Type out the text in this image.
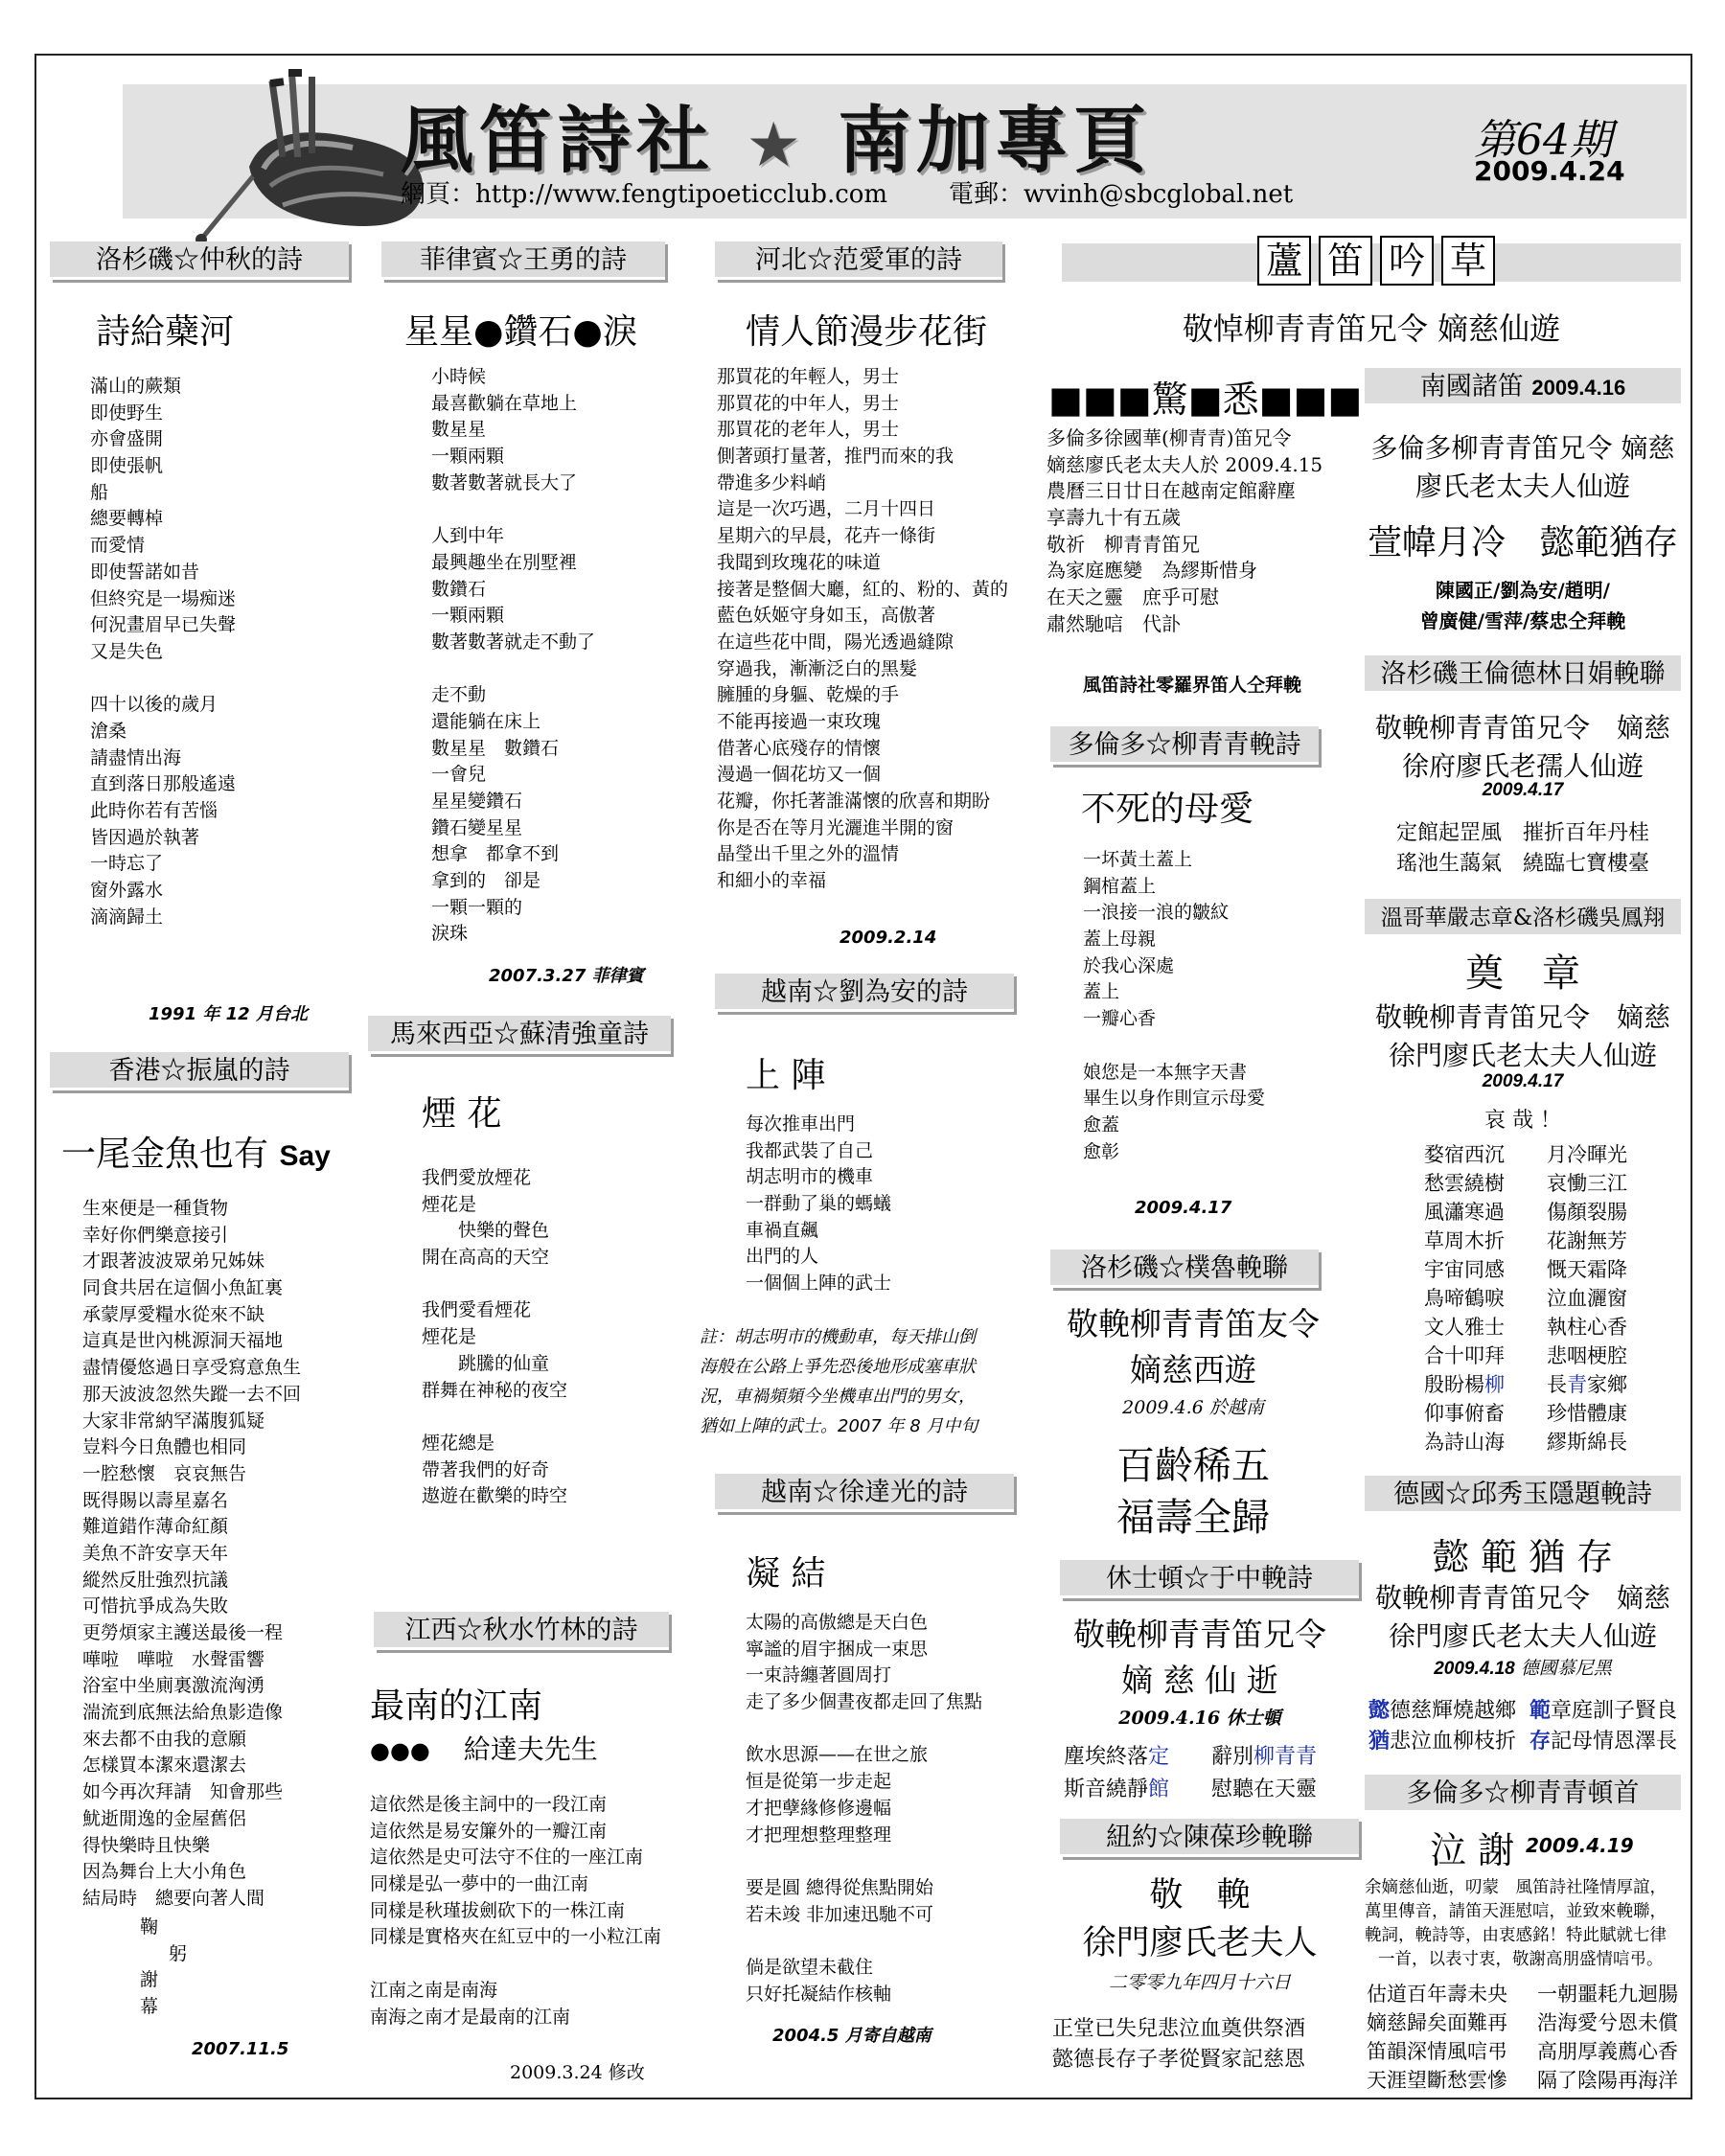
風笛詩社 ★ 南加專頁
網頁：http://www.fengtipoeticclub.com 電郵：wvinh@sbcglobal.net
第64期
2009.4.24
洛杉磯☆仲秋的詩
詩給蘗河
滿山的蕨類
即使野生
亦會盛開
即使張帆
船
總要轉棹
而愛情
即使誓諾如昔
但終究是一場痴迷
何況畫眉早已失聲
又是失色
四十以後的歲月
滄桑
請盡情出海
直到落日那般遙遠
此時你若有苦惱
皆因過於執著
一時忘了
窗外露水
滴滴歸土
1991 年 12 月台北
香港☆振嵐的詩
一尾金魚也有 Say
生來便是一種貨物
幸好你們樂意接引
才跟著波波眾弟兄姊妹
同食共居在這個小魚缸裏
承蒙厚愛糧水從來不缺
這真是世內桃源洞天福地
盡情優悠過日享受寫意魚生
那天波波忽然失蹤一去不回
大家非常納罕滿腹狐疑
豈料今日魚體也相同
一腔愁懷　哀哀無告
既得賜以壽星嘉名
難道錯作薄命紅顏
美魚不許安享天年
縱然反肚強烈抗議
可惜抗爭成為失敗
更勞煩家主護送最後一程
嘩啦　嘩啦　水聲雷響
浴室中坐廁裏激流洶湧
湍流到底無法給魚影造像
來去都不由我的意願
怎樣買本潔來還潔去
如今再次拜請　知會那些
魷逝閒逸的金屋舊侶
得快樂時且快樂
因為舞台上大小角色
結局時　總要向著人間
鞠
躬
謝
幕
2007.11.5
菲律賓☆王勇的詩
星星●鑽石●淚
小時候
最喜歡躺在草地上
數星星
一顆兩顆
數著數著就長大了
人到中年
最興趣坐在別墅裡
數鑽石
一顆兩顆
數著數著就走不動了
走不動
還能躺在床上
數星星　數鑽石
一會兒
星星變鑽石
鑽石變星星
想拿　都拿不到
拿到的　卻是
一顆一顆的
淚珠
2007.3.27 菲律賓
馬來西亞☆蘇清強童詩
煙 花
我們愛放煙花
煙花是
　　快樂的聲色
開在高高的天空
我們愛看煙花
煙花是
　　跳騰的仙童
群舞在神秘的夜空
煙花總是
帶著我們的好奇
遨遊在歡樂的時空
江西☆秋水竹林的詩
最南的江南
●●● 給達夫先生
這依然是後主詞中的一段江南
這依然是易安簾外的一瓣江南
這依然是史可法守不住的一座江南
同樣是弘一夢中的一曲江南
同樣是秋瑾拔劍砍下的一株江南
同樣是實格夾在紅豆中的一小粒江南
江南之南是南海
南海之南才是最南的江南
2009.3.24 修改
河北☆范愛軍的詩
情人節漫步花街
那買花的年輕人，男士
那買花的中年人，男士
那買花的老年人，男士
側著頭打量著，推門而來的我
帶進多少料峭
這是一次巧遇，二月十四日
星期六的早晨，花卉一條街
我聞到玫瑰花的味道
接著是整個大廳，紅的、粉的、黃的
藍色妖姬守身如玉，高傲著
在這些花中間，陽光透過縫隙
穿過我，漸漸泛白的黑髮
臃腫的身軀、乾燥的手
不能再接過一束玫瑰
借著心底殘存的情懷
漫過一個花坊又一個
花瓣，你托著誰滿懷的欣喜和期盼
你是否在等月光灑進半開的窗
晶瑩出千里之外的溫情
和細小的幸福
2009.2.14
越南☆劉為安的詩
上 陣
每次推車出門
我都武裝了自己
胡志明市的機車
一群動了巢的螞蟻
車禍直飆
出門的人
一個個上陣的武士
註：胡志明市的機動車，每天排山倒
海般在公路上爭先恐後地形成塞車狀
況，車禍頻頻今坐機車出門的男女，
猶如上陣的武士。2007 年 8 月中旬
越南☆徐達光的詩
凝 結
太陽的高傲總是天白色
寧謐的眉宇捆成一束思
一束詩纏著圓周打
走了多少個晝夜都走回了焦點
飲水思源——在世之旅
恒是從第一步走起
才把孽緣修修邊幅
才把理想整理整理
要是圓 總得從焦點開始
若未竣 非加速迅馳不可
倘是欲望未截住
只好托凝結作核軸
2004.5 月寄自越南
蘆 笛 吟 草
敬悼柳青青笛兄令 嫡慈仙遊
■■■驚■悉■■■
多倫多徐國華(柳青青)笛兄令
嫡慈廖氏老太夫人於 2009.4.15
農曆三日廿日在越南定館辭塵
享壽九十有五歲
敬祈　柳青青笛兄
為家庭應變　為繆斯惜身
在天之靈　庶乎可慰
肅然馳唁　代訃
風笛詩社零羅界笛人仝拜輓
多倫多☆柳青青輓詩
不死的母愛
一坏黃土蓋上
鋼棺蓋上
一浪接一浪的皺紋
蓋上母親
於我心深處
蓋上
一瓣心香
娘您是一本無字天書
畢生以身作則宣示母愛
愈蓋
愈彰
2009.4.17
洛杉磯☆樸魯輓聯
敬輓柳青青笛友令
嫡慈西遊
2009.4.6 於越南
百齡稀五
福壽全歸
休士頓☆于中輓詩
敬輓柳青青笛兄令
嫡 慈 仙 逝
2009.4.16 休士頓
塵埃終落定 辭別柳青青
斯音繞靜館 慰聽在天靈
紐約☆陳葆珍輓聯
敬　輓
徐門廖氏老夫人
二零零九年四月十六日
正堂已失兒悲泣血奠供祭酒
懿德長存子孝從賢家記慈恩
南國諸笛 2009.4.16
多倫多柳青青笛兄令 嫡慈
廖氏老太夫人仙遊
萱幃月冷　懿範猶存
陳國正/劉為安/趙明/
曾廣健/雪萍/蔡忠仝拜輓
洛杉磯王倫德林日娟輓聯
敬輓柳青青笛兄令　嫡慈
徐府廖氏老孺人仙遊
2009.4.17
定館起罡風　摧折百年丹桂
瑤池生藹氣　繞臨七寶樓臺
溫哥華嚴志章&洛杉磯吳鳳翔
奠　章
敬輓柳青青笛兄令　嫡慈
徐門廖氏老太夫人仙遊
2009.4.17
哀 哉 ！
婺宿西沉 月冷暉光
愁雲繞樹 哀慟三江
風瀟寒過 傷顏裂腸
草周木折 花謝無芳
宇宙同感 慨天霜降
鳥啼鶴唳 泣血灑窗
文人雅士 執柱心香
合十叩拜 悲咽梗腔
殷盼楊柳 長青家鄉
仰事俯畜 珍惜體康
為詩山海 繆斯綿長
德國☆邱秀玉隱題輓詩
懿 範 猶 存
敬輓柳青青笛兄令　嫡慈
徐門廖氏老太夫人仙遊
2009.4.18 德國慕尼黑
懿德慈輝燒越鄉 範章庭訓子賢良
猶悲泣血柳枝折 存記母情恩澤長
多倫多☆柳青青頓首
泣 謝 2009.4.19
余嫡慈仙逝，叨蒙　風笛詩社隆情厚誼，
萬里傳音，請笛天涯慰唁，並致來輓聯，
輓詞，輓詩等，由衷感銘！特此賦就七律
一首，以表寸衷，敬謝高朋盛情唁弔。
估道百年壽未央 一朝噩耗九迴腸
嫡慈歸矣面難再 浩海愛兮恩未償
笛韻深情風唁弔 高朋厚義薦心香
天涯望斷愁雲慘 隔了陰陽再海洋
